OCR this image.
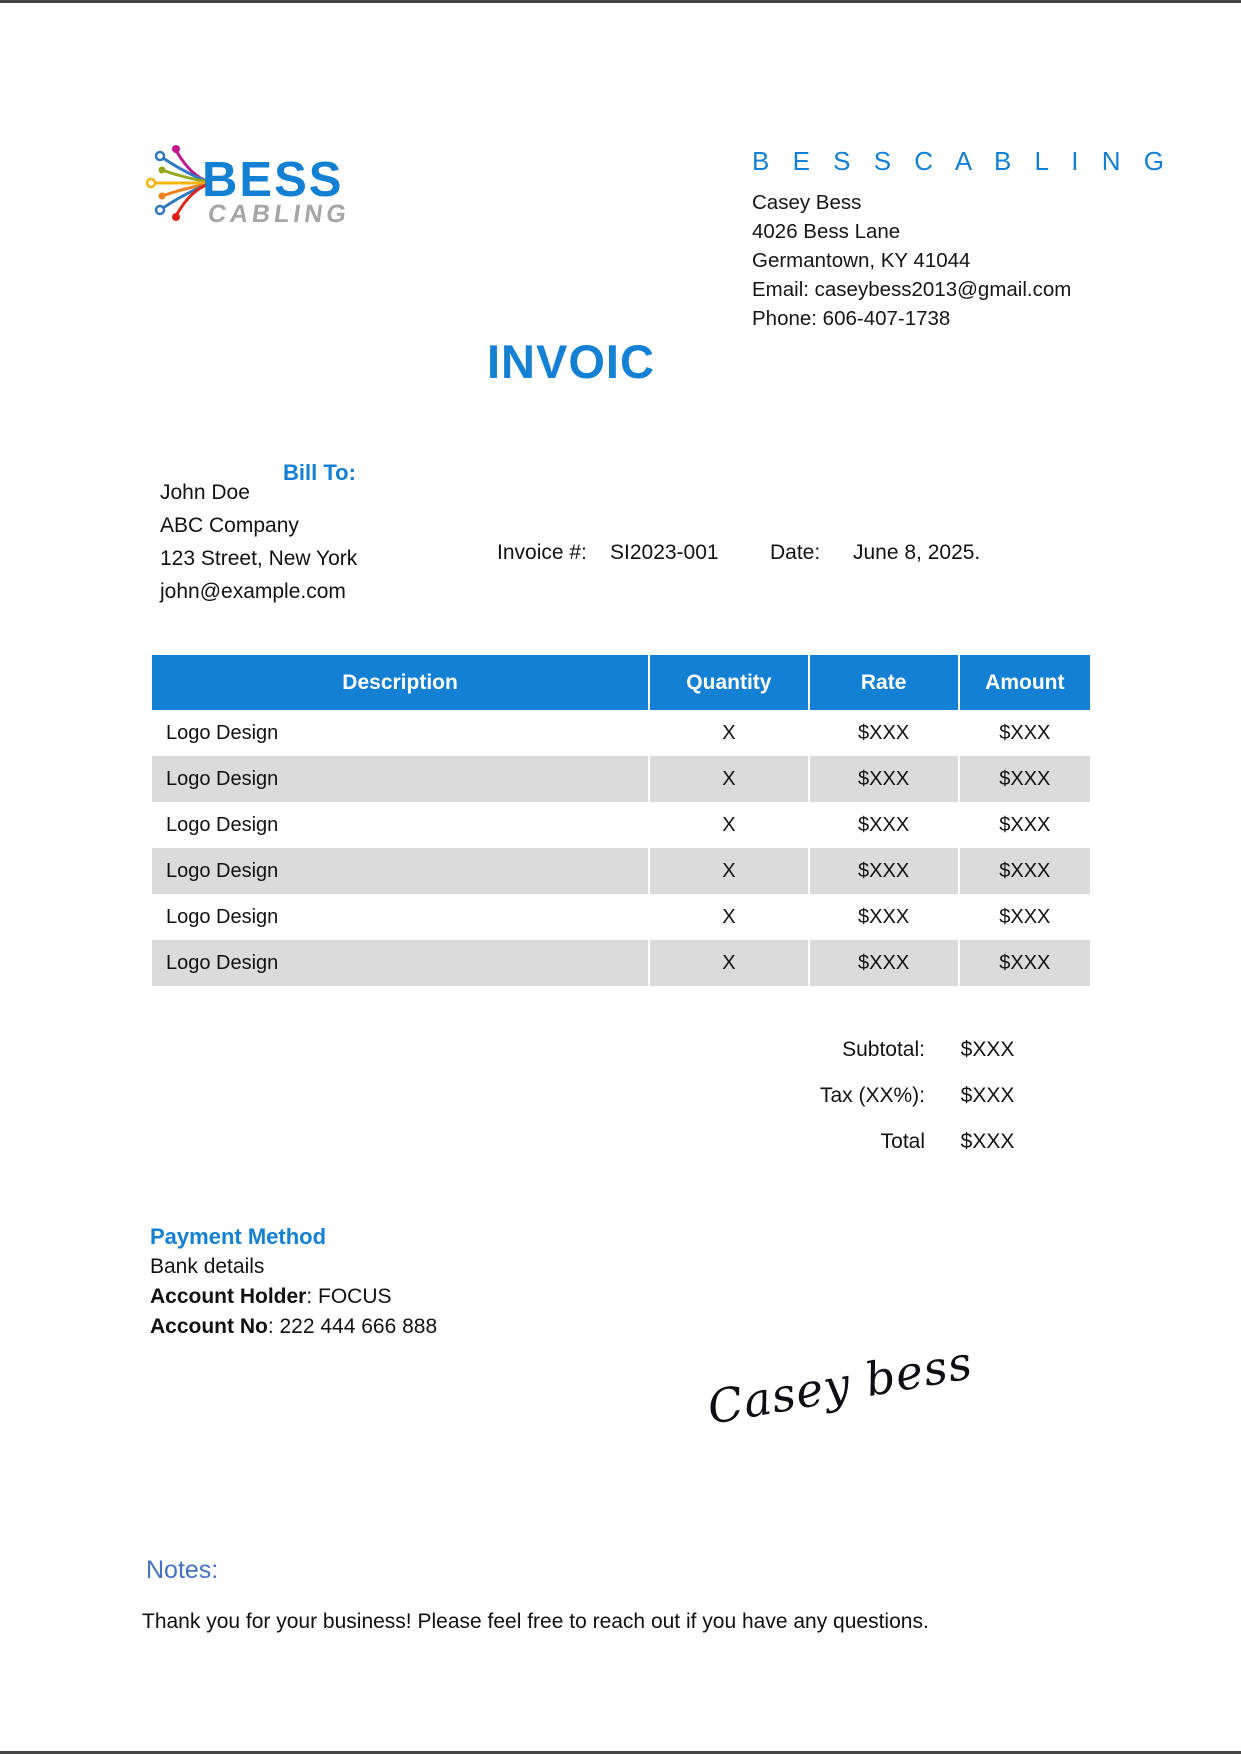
BESS
CABLING
B E S S C A B L I N G
Casey Bess
4026 Bess Lane
Germantown, KY 41044
Email: caseybess2013@gmail.com
Phone: 606-407-1738
INVOIC
Bill To:
John Doe
ABC Company
123 Street, New York
john@example.com
Invoice #: SI2023-001 Date: June 8, 2025.
Description	Quantity	Rate	Amount
Logo Design	X	$XXX	$XXX
Logo Design	X	$XXX	$XXX
Logo Design	X	$XXX	$XXX
Logo Design	X	$XXX	$XXX
Logo Design	X	$XXX	$XXX
Logo Design	X	$XXX	$XXX
Subtotal:	$XXX
Tax (XX%):	$XXX
Total	$XXX
Payment Method
Bank details
Account Holder: FOCUS
Account No: 222 444 666 888
Casey bess
Notes:
Thank you for your business! Please feel free to reach out if you have any questions.
